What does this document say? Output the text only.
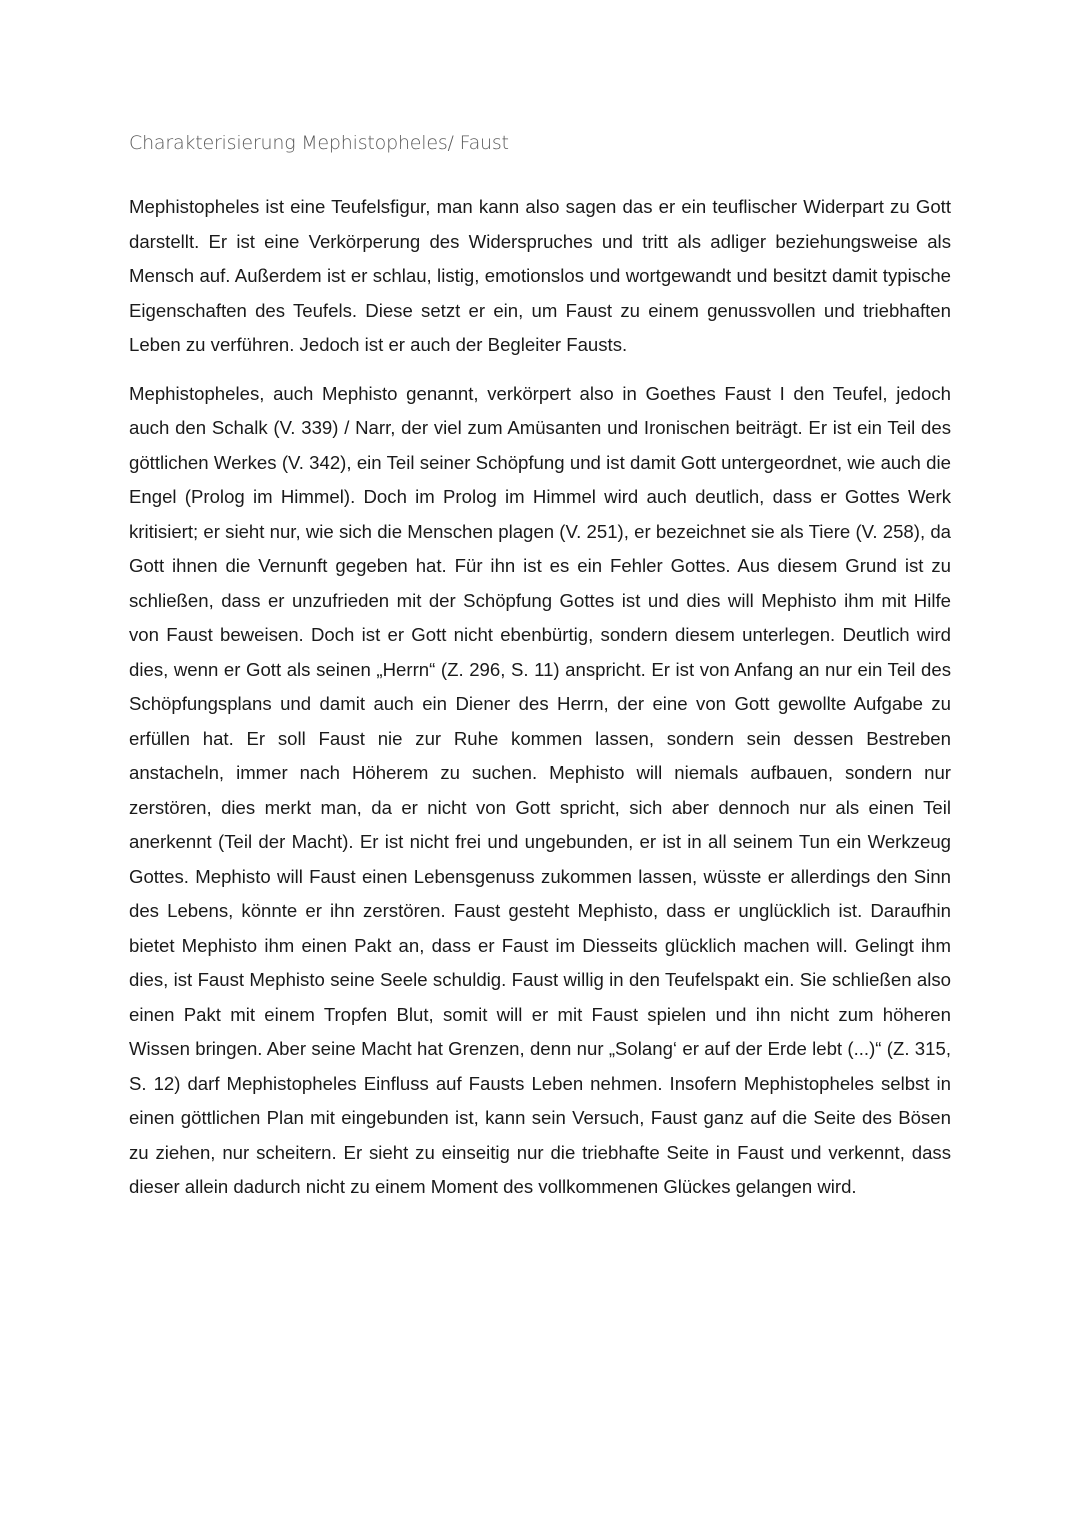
Charakterisierung Mephistopheles/ Faust

Mephistopheles ist eine Teufelsfigur, man kann also sagen das er ein teuflischer Widerpart zu Gott darstellt. Er ist eine Verkörperung des Widerspruches und tritt als adliger beziehungsweise als Mensch auf. Außerdem ist er schlau, listig, emotionslos und wortgewandt und besitzt damit typische Eigenschaften des Teufels. Diese setzt er ein, um Faust zu einem genussvollen und triebhaften Leben zu verführen. Jedoch ist er auch der Begleiter Fausts.

Mephistopheles, auch Mephisto genannt, verkörpert also in Goethes Faust I den Teufel, jedoch auch den Schalk (V. 339) / Narr, der viel zum Amüsanten und Ironischen beiträgt. Er ist ein Teil des göttlichen Werkes (V. 342), ein Teil seiner Schöpfung und ist damit Gott untergeordnet, wie auch die Engel (Prolog im Himmel). Doch im Prolog im Himmel wird auch deutlich, dass er Gottes Werk kritisiert; er sieht nur, wie sich die Menschen plagen (V. 251), er bezeichnet sie als Tiere (V. 258), da Gott ihnen die Vernunft gegeben hat. Für ihn ist es ein Fehler Gottes. Aus diesem Grund ist zu schließen, dass er unzufrieden mit der Schöpfung Gottes ist und dies will Mephisto ihm mit Hilfe von Faust beweisen. Doch ist er Gott nicht ebenbürtig, sondern diesem unterlegen. Deutlich wird dies, wenn er Gott als seinen „Herrn“ (Z. 296, S. 11) anspricht. Er ist von Anfang an nur ein Teil des Schöpfungsplans und damit auch ein Diener des Herrn, der eine von Gott gewollte Aufgabe zu erfüllen hat. Er soll Faust nie zur Ruhe kommen lassen, sondern sein dessen Bestreben anstacheln, immer nach Höherem zu suchen. Mephisto will niemals aufbauen, sondern nur zerstören, dies merkt man, da er nicht von Gott spricht, sich aber dennoch nur als einen Teil anerkennt (Teil der Macht). Er ist nicht frei und ungebunden, er ist in all seinem Tun ein Werkzeug Gottes. Mephisto will Faust einen Lebensgenuss zukommen lassen, wüsste er allerdings den Sinn des Lebens, könnte er ihn zerstören. Faust gesteht Mephisto, dass er unglücklich ist. Daraufhin bietet Mephisto ihm einen Pakt an, dass er Faust im Diesseits glücklich machen will. Gelingt ihm dies, ist Faust Mephisto seine Seele schuldig. Faust willig in den Teufelspakt ein. Sie schließen also einen Pakt mit einem Tropfen Blut, somit will er mit Faust spielen und ihn nicht zum höheren Wissen bringen. Aber seine Macht hat Grenzen, denn nur „Solang‘ er auf der Erde lebt (...)“ (Z. 315, S. 12) darf Mephistopheles Einfluss auf Fausts Leben nehmen. Insofern Mephistopheles selbst in einen göttlichen Plan mit eingebunden ist, kann sein Versuch, Faust ganz auf die Seite des Bösen zu ziehen, nur scheitern. Er sieht zu einseitig nur die triebhafte Seite in Faust und verkennt, dass dieser allein dadurch nicht zu einem Moment des vollkommenen Glückes gelangen wird.
